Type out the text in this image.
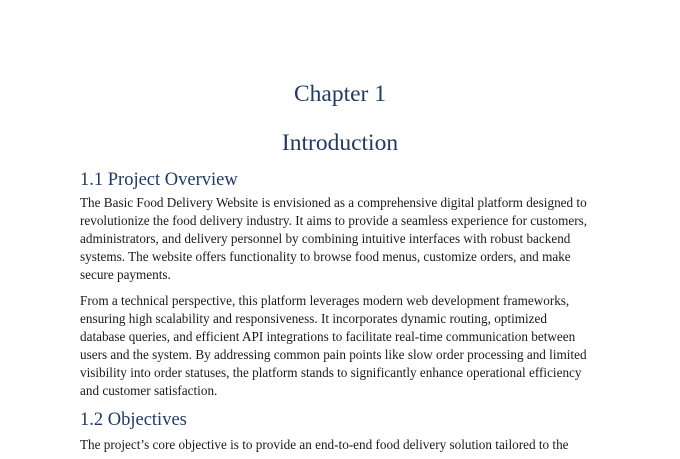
Chapter 1
Introduction
1.1 Project Overview

The Basic Food Delivery Website is envisioned as a comprehensive digital platform designed to
revolutionize the food delivery industry. It aims to provide a seamless experience for customers,
administrators, and delivery personnel by combining intuitive interfaces with robust backend
systems. The website offers functionality to browse food menus, customize orders, and make
secure payments.

From a technical perspective, this platform leverages modern web development frameworks,
ensuring high scalability and responsiveness. It incorporates dynamic routing, optimized
database queries, and efficient API integrations to facilitate real-time communication between
users and the system. By addressing common pain points like slow order processing and limited
visibility into order statuses, the platform stands to significantly enhance operational efficiency
and customer satisfaction.

1.2 Objectives

The project’s core objective is to provide an end-to-end food delivery solution tailored to the
